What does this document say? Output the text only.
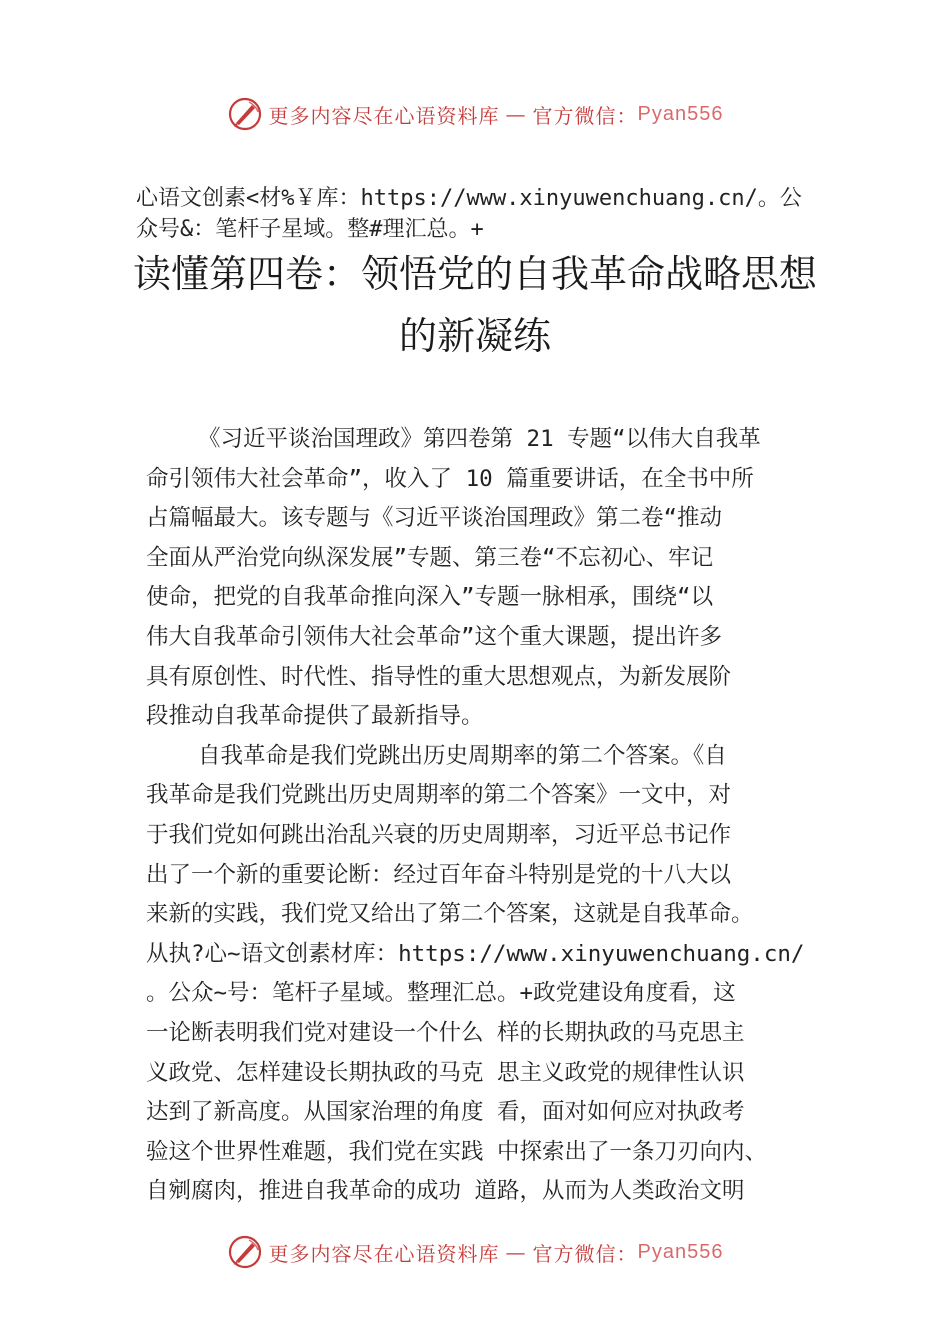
更多内容尽在心语资料库 — 官方微信： Pyan556

心语文创素<材%￥库：https://www.xinyuwenchuang.cn/。公
众号&：笔杆子星域。整#理汇总。+

读懂第四卷：领悟党的自我革命战略思想
的新凝练
《习近平谈治国理政》第四卷第 21 专题“以伟大自我革
命引领伟大社会革命”，收入了 10 篇重要讲话，在全书中所
占篇幅最大。该专题与《习近平谈治国理政》第二卷“推动
全面从严治党向纵深发展”专题、第三卷“不忘初心、牢记
使命，把党的自我革命推向深入”专题一脉相承，围绕“以
伟大自我革命引领伟大社会革命”这个重大课题，提出许多
具有原创性、时代性、指导性的重大思想观点，为新发展阶
段推动自我革命提供了最新指导。
自我革命是我们党跳出历史周期率的第二个答案。《自
我革命是我们党跳出历史周期率的第二个答案》一文中，对
于我们党如何跳出治乱兴衰的历史周期率，习近平总书记作
出了一个新的重要论断：经过百年奋斗特别是党的十八大以
来新的实践，我们党又给出了第二个答案，这就是自我革命。
从执?心~语文创素材库：https://www.xinyuwenchuang.cn/
。公众~号：笔杆子星域。整理汇总。+政党建设角度看，这
一论断表明我们党对建设一个什么 样的长期执政的马克思主
义政党、怎样建设长期执政的马克 思主义政党的规律性认识
达到了新高度。从国家治理的角度 看，面对如何应对执政考
验这个世界性难题，我们党在实践 中探索出了一条刀刃向内、
自剜腐肉，推进自我革命的成功 道路，从而为人类政治文明
更多内容尽在心语资料库 — 官方微信： Pyan556
